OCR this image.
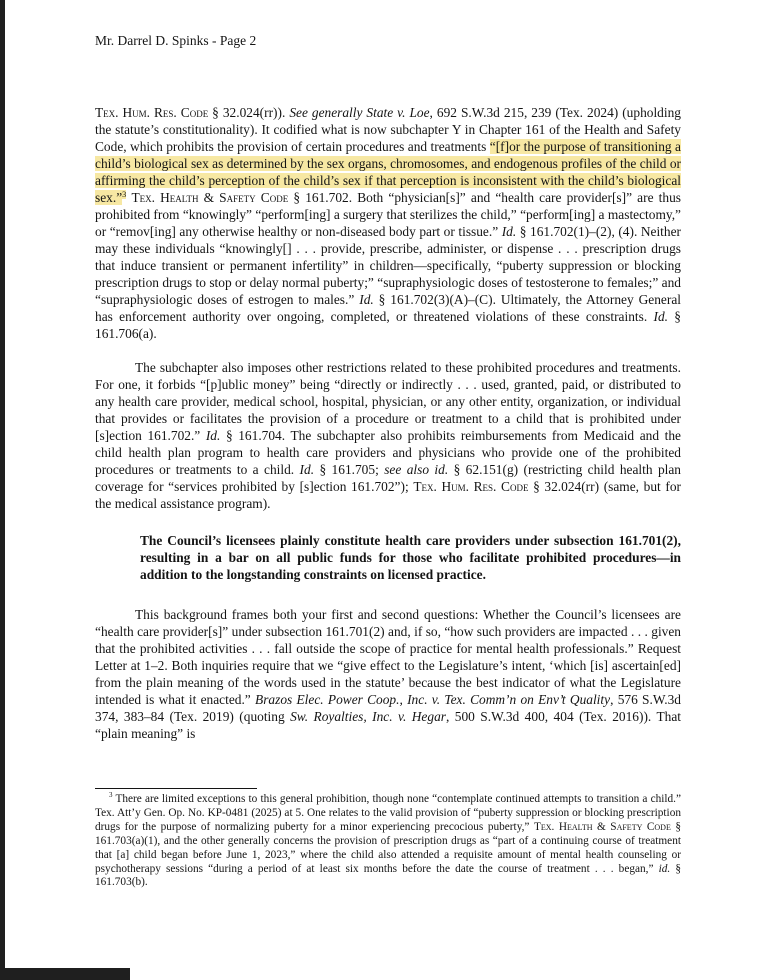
Mr. Darrel D. Spinks - Page 2

Tex. Hum. Res. Code § 32.024(rr)). See generally State v. Loe, 692 S.W.3d 215, 239 (Tex. 2024) (upholding the statute’s constitutionality). It codified what is now subchapter Y in Chapter 161 of the Health and Safety Code, which prohibits the provision of certain procedures and treatments “[f]or the purpose of transitioning a child’s biological sex as determined by the sex organs, chromosomes, and endogenous profiles of the child or affirming the child’s perception of the child’s sex if that perception is inconsistent with the child’s biological sex.”$^3$ Tex. Health & Safety Code § 161.702. Both “physician[s]” and “health care provider[s]” are thus prohibited from “knowingly” “perform[ing] a surgery that sterilizes the child,” “perform[ing] a mastectomy,” or “remov[ing] any otherwise healthy or non-diseased body part or tissue.” Id. § 161.702(1)–(2), (4). Neither may these individuals “knowingly[] . . . provide, prescribe, administer, or dispense . . . prescription drugs that induce transient or permanent infertility” in children—specifically, “puberty suppression or blocking prescription drugs to stop or delay normal puberty;” “supraphysiologic doses of testosterone to females;” and “supraphysiologic doses of estrogen to males.” Id. § 161.702(3)(A)–(C). Ultimately, the Attorney General has enforcement authority over ongoing, completed, or threatened violations of these constraints. Id. § 161.706(a).

The subchapter also imposes other restrictions related to these prohibited procedures and treatments. For one, it forbids “[p]ublic money” being “directly or indirectly . . . used, granted, paid, or distributed to any health care provider, medical school, hospital, physician, or any other entity, organization, or individual that provides or facilitates the provision of a procedure or treatment to a child that is prohibited under [s]ection 161.702.” Id. § 161.704. The subchapter also prohibits reimbursements from Medicaid and the child health plan program to health care providers and physicians who provide one of the prohibited procedures or treatments to a child. Id. § 161.705; see also id. § 62.151(g) (restricting child health plan coverage for “services prohibited by [s]ection 161.702”); Tex. Hum. Res. Code § 32.024(rr) (same, but for the medical assistance program).

The Council’s licensees plainly constitute health care providers under subsection 161.701(2), resulting in a bar on all public funds for those who facilitate prohibited procedures—in addition to the longstanding constraints on licensed practice.

This background frames both your first and second questions: Whether the Council’s licensees are “health care provider[s]” under subsection 161.701(2) and, if so, “how such providers are impacted . . . given that the prohibited activities . . . fall outside the scope of practice for mental health professionals.” Request Letter at 1–2. Both inquiries require that we “give effect to the Legislature’s intent, ‘which [is] ascertain[ed] from the plain meaning of the words used in the statute’ because the best indicator of what the Legislature intended is what it enacted.” Brazos Elec. Power Coop., Inc. v. Tex. Comm’n on Env’t Quality, 576 S.W.3d 374, 383–84 (Tex. 2019) (quoting Sw. Royalties, Inc. v. Hegar, 500 S.W.3d 400, 404 (Tex. 2016)). That “plain meaning” is

$^3$ There are limited exceptions to this general prohibition, though none “contemplate continued attempts to transition a child.” Tex. Att’y Gen. Op. No. KP-0481 (2025) at 5. One relates to the valid provision of “puberty suppression or blocking prescription drugs for the purpose of normalizing puberty for a minor experiencing precocious puberty,” Tex. Health & Safety Code § 161.703(a)(1), and the other generally concerns the provision of prescription drugs as “part of a continuing course of treatment that [a] child began before June 1, 2023,” where the child also attended a requisite amount of mental health counseling or psychotherapy sessions “during a period of at least six months before the date the course of treatment . . . began,” id. § 161.703(b).
